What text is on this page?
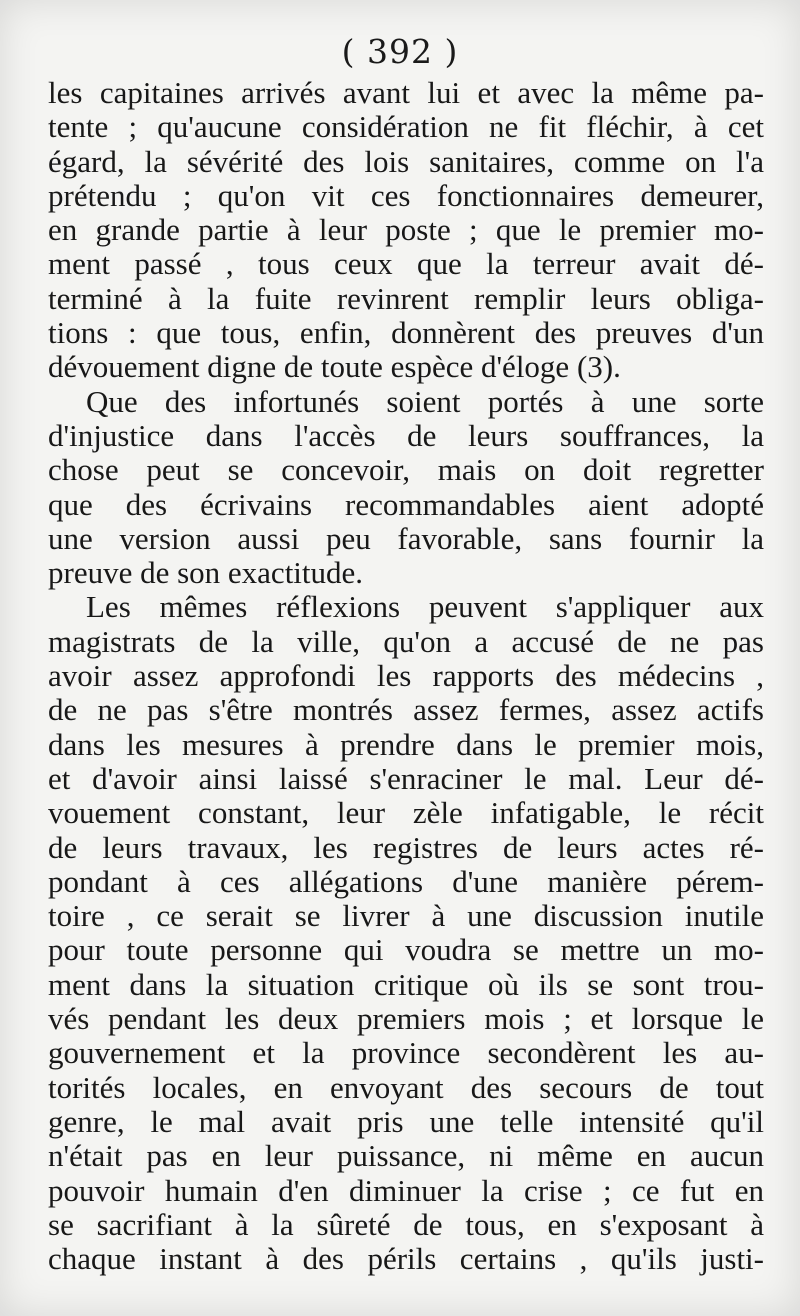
( 392 )
les capitaines arrivés avant lui et avec la même pa-
tente ; qu'aucune considération ne fit fléchir, à cet
égard, la sévérité des lois sanitaires, comme on l'a
prétendu ; qu'on vit ces fonctionnaires demeurer,
en grande partie à leur poste ; que le premier mo-
ment passé , tous ceux que la terreur avait dé-
terminé à la fuite revinrent remplir leurs obliga-
tions : que tous, enfin, donnèrent des preuves d'un
dévouement digne de toute espèce d'éloge (3).
Que des infortunés soient portés à une sorte
d'injustice dans l'accès de leurs souffrances, la
chose peut se concevoir, mais on doit regretter
que des écrivains recommandables aient adopté
une version aussi peu favorable, sans fournir la
preuve de son exactitude.
Les mêmes réflexions peuvent s'appliquer aux
magistrats de la ville, qu'on a accusé de ne pas
avoir assez approfondi les rapports des médecins ,
de ne pas s'être montrés assez fermes, assez actifs
dans les mesures à prendre dans le premier mois,
et d'avoir ainsi laissé s'enraciner le mal. Leur dé-
vouement constant, leur zèle infatigable, le récit
de leurs travaux, les registres de leurs actes ré-
pondant à ces allégations d'une manière pérem-
toire , ce serait se livrer à une discussion inutile
pour toute personne qui voudra se mettre un mo-
ment dans la situation critique où ils se sont trou-
vés pendant les deux premiers mois ; et lorsque le
gouvernement et la province secondèrent les au-
torités locales, en envoyant des secours de tout
genre, le mal avait pris une telle intensité qu'il
n'était pas en leur puissance, ni même en aucun
pouvoir humain d'en diminuer la crise ; ce fut en
se sacrifiant à la sûreté de tous, en s'exposant à
chaque instant à des périls certains , qu'ils justi-
